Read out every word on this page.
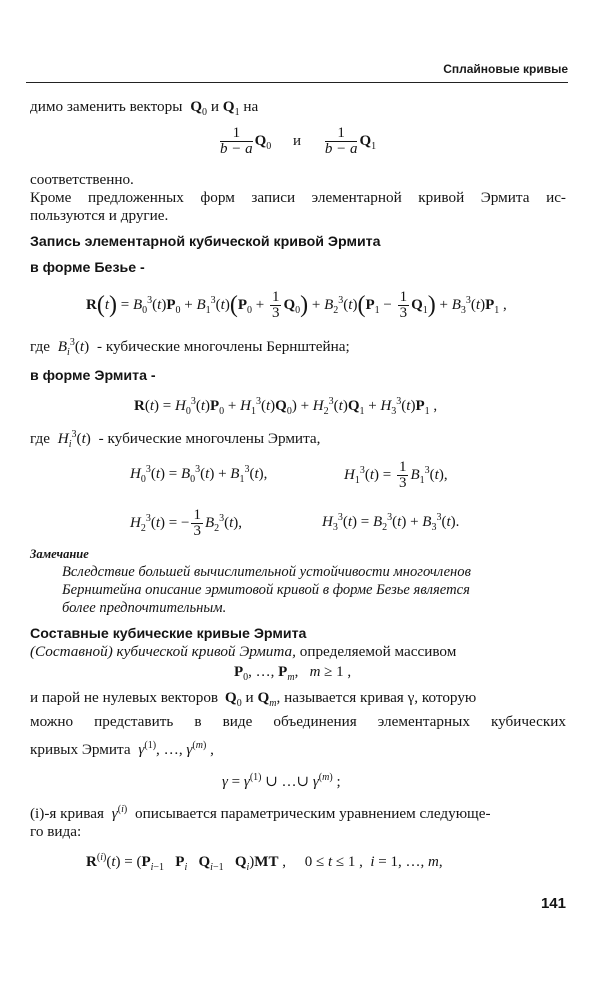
Сплайновые кривые
димо заменить векторы $Q_0$ и $Q_1$ на
$\frac{1}{b - a} Q_0$ и $\frac{1}{b - a} Q_1$
соответственно.
Кроме предложенных форм записи элементарной кривой Эрмита ис-
пользуются и другие.
Запись элементарной кубической кривой Эрмита
в форме Безье -
$R(t) = B_0^3(t)P_0 + B_1^3(t)(P_0 + \frac{1}{3} Q_0) + B_2^3(t)(P_1 - \frac{1}{3} Q_1) + B_3^3(t)P_1$ ,
где $B_i^3(t)$ - кубические многочлены Бернштейна;
в форме Эрмита -
$R(t) = H_0^3(t)P_0 + H_1^3(t)Q_0) + H_2^3(t)Q_1 + H_3^3(t)P_1$ ,
где $H_i^3(t)$ - кубические многочлены Эрмита,
$H_0^3(t) = B_0^3(t) + B_1^3(t)$,	$H_1^3(t) = \frac{1}{3} B_1^3(t)$,
$H_2^3(t)$ = − $\frac{1}{3} B_2^3(t)$,	$H_3^3(t) = B_2^3(t) + B_3^3(t)$.
Замечание
Вследствие большей вычислительной устойчивости многочленов
Бернштейна описание эрмитовой кривой в форме Безье является
более предпочтительным.
Составные кубические кривые Эрмита
(Составной) кубической кривой Эрмита, определяемой массивом
$P_0$, …, $P_m$,   m ≥ 1 ,
и парой не нулевых векторов $Q_0$ и $Q_m$, называется кривая γ, которую
можно представить в виде объединения элементарных кубических
кривых Эрмита $\gamma^{(1)}$, …, $\gamma^{(m)}$ ,
$\gamma = \gamma^{(1)}$ ∪ …∪ $\gamma^{(m)}$ ;
(i)-я кривая $\gamma^{(i)}$ описывается параметрическим уравнением следующе-
го вида:
$R^{(i)}(t) = (P_{i-1}$ $P_i$ $Q_{i-1}$ $Q_i)MT$ ,     0 ≤ t ≤ 1 ,  i = 1, …, m,
141
